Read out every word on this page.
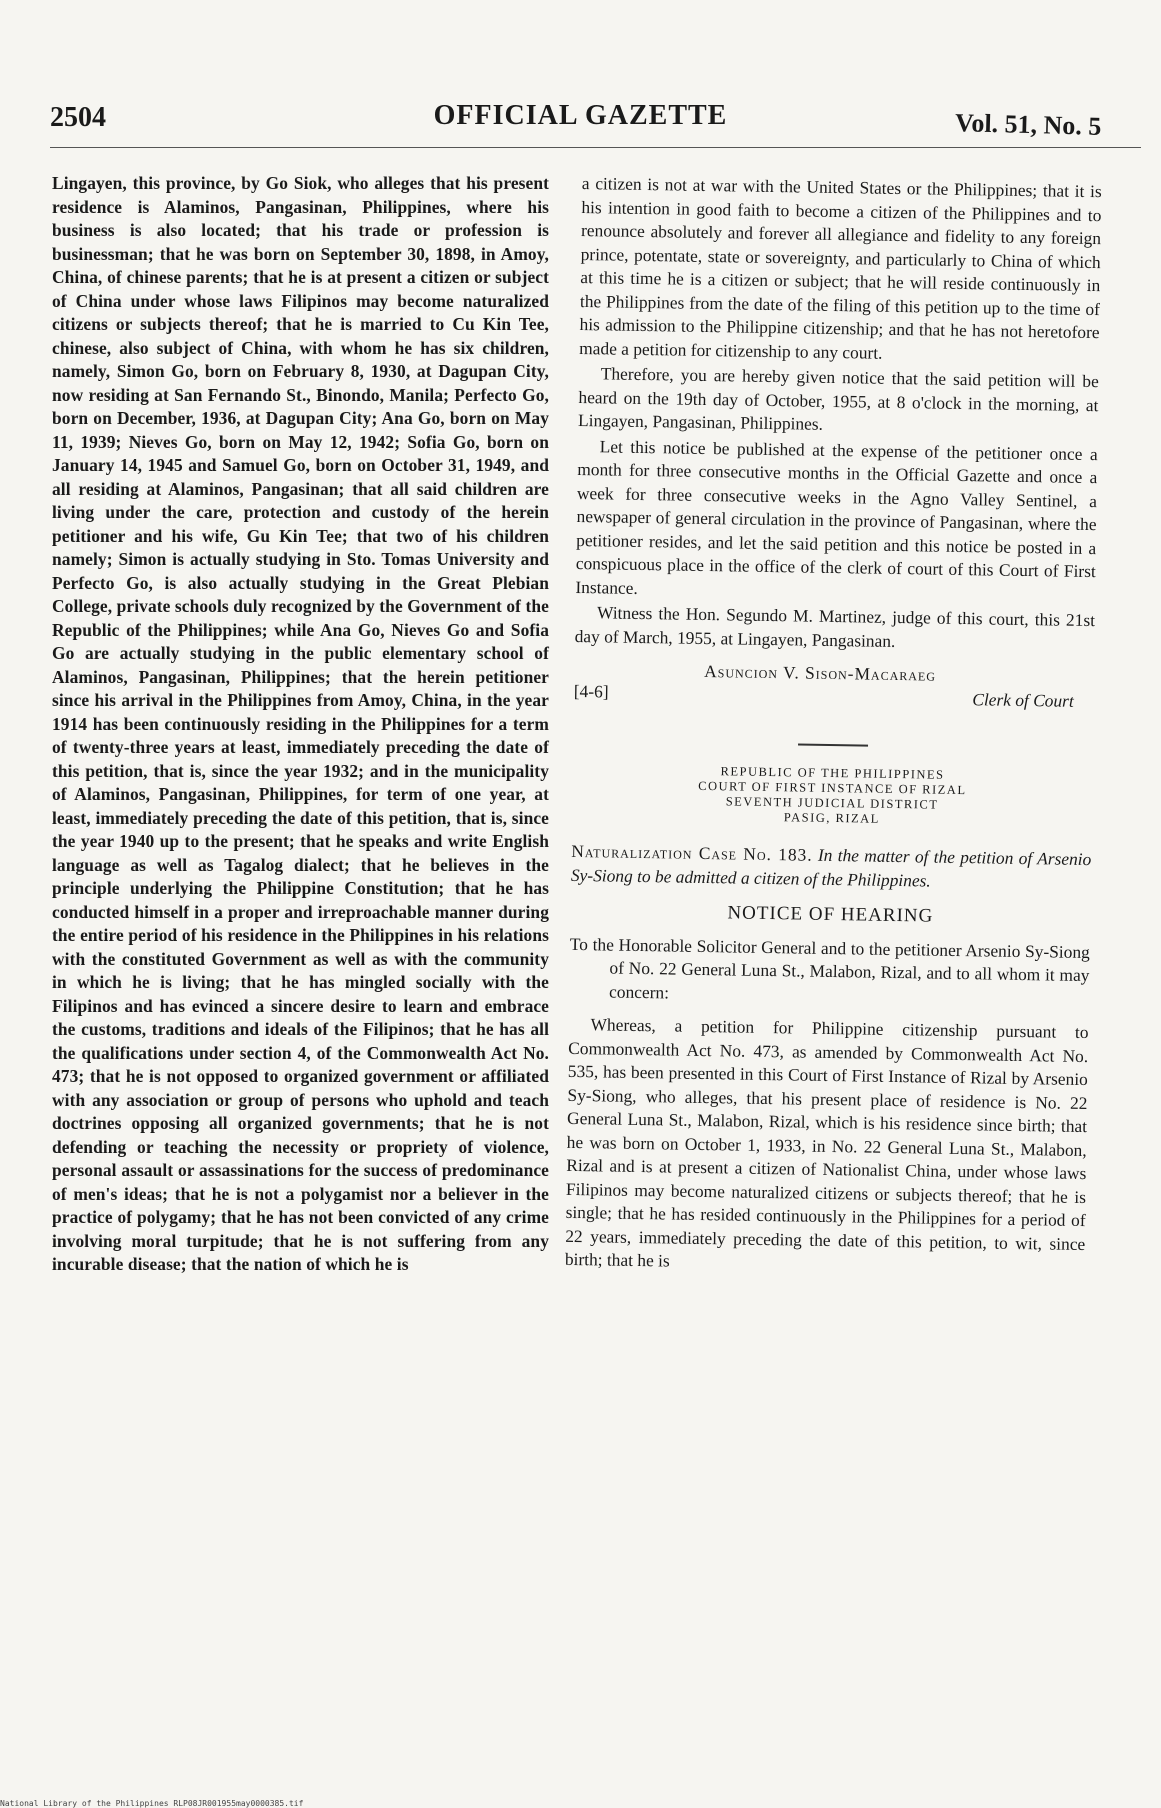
2504	OFFICIAL GAZETTE	Vol. 51, No. 5

Lingayen, this province, by Go Siok, who alleges that his present residence is Alaminos, Pangasinan, Philippines, where his business is also located; that his trade or profession is businessman; that he was born on September 30, 1898, in Amoy, China, of chinese parents; that he is at present a citizen or subject of China under whose laws Filipinos may become naturalized citizens or subjects thereof; that he is married to Cu Kin Tee, chinese, also subject of China, with whom he has six children, namely, Simon Go, born on February 8, 1930, at Dagupan City, now residing at San Fernando St., Binondo, Manila; Perfecto Go, born on December, 1936, at Dagupan City; Ana Go, born on May 11, 1939; Nieves Go, born on May 12, 1942; Sofia Go, born on January 14, 1945 and Samuel Go, born on October 31, 1949, and all residing at Alaminos, Pangasinan; that all said children are living under the care, protection and custody of the herein petitioner and his wife, Gu Kin Tee; that two of his children namely; Simon is actually studying in Sto. Tomas University and Perfecto Go, is also actually studying in the Great Plebian College, private schools duly recognized by the Government of the Republic of the Philippines; while Ana Go, Nieves Go and Sofia Go are actually studying in the public elementary school of Alaminos, Pangasinan, Philippines; that the herein petitioner since his arrival in the Philippines from Amoy, China, in the year 1914 has been continuously residing in the Philippines for a term of twenty-three years at least, immediately preceding the date of this petition, that is, since the year 1932; and in the municipality of Alaminos, Pangasinan, Philippines, for term of one year, at least, immediately preceding the date of this petition, that is, since the year 1940 up to the present; that he speaks and write English language as well as Tagalog dialect; that he believes in the principle underlying the Philippine Constitution; that he has conducted himself in a proper and irreproachable manner during the entire period of his residence in the Philippines in his relations with the constituted Government as well as with the community in which he is living; that he has mingled socially with the Filipinos and has evinced a sincere desire to learn and embrace the customs, traditions and ideals of the Filipinos; that he has all the qualifications under section 4, of the Commonwealth Act No. 473; that he is not opposed to organized government or affiliated with any association or group of persons who uphold and teach doctrines opposing all organized governments; that he is not defending or teaching the necessity or propriety of violence, personal assault or assassinations for the success of predominance of men's ideas; that he is not a polygamist nor a believer in the practice of polygamy; that he has not been convicted of any crime involving moral turpitude; that he is not suffering from any incurable disease; that the nation of which he is

a citizen is not at war with the United States or the Philippines; that it is his intention in good faith to become a citizen of the Philippines and to renounce absolutely and forever all allegiance and fidelity to any foreign prince, potentate, state or sovereignty, and particularly to China of which at this time he is a citizen or subject; that he will reside continuously in the Philippines from the date of the filing of this petition up to the time of his admission to the Philippine citizenship; and that he has not heretofore made a petition for citizenship to any court.

Therefore, you are hereby given notice that the said petition will be heard on the 19th day of October, 1955, at 8 o'clock in the morning, at Lingayen, Pangasinan, Philippines.

Let this notice be published at the expense of the petitioner once a month for three consecutive months in the Official Gazette and once a week for three consecutive weeks in the Agno Valley Sentinel, a newspaper of general circulation in the province of Pangasinan, where the petitioner resides, and let the said petition and this notice be posted in a conspicuous place in the office of the clerk of court of this Court of First Instance.

Witness the Hon. Segundo M. Martinez, judge of this court, this 21st day of March, 1955, at Lingayen, Pangasinan.

Asuncion V. Sison-Macaraeg
[4-6]	Clerk of Court
REPUBLIC OF THE PHILIPPINES
COURT OF FIRST INSTANCE OF RIZAL
SEVENTH JUDICIAL DISTRICT
PASIG, RIZAL

Naturalization Case No. 183. In the matter of the petition of Arsenio Sy-Siong to be admitted a citizen of the Philippines.

NOTICE OF HEARING

To the Honorable Solicitor General and to the petitioner Arsenio Sy-Siong of No. 22 General Luna St., Malabon, Rizal, and to all whom it may concern:

Whereas, a petition for Philippine citizenship pursuant to Commonwealth Act No. 473, as amended by Commonwealth Act No. 535, has been presented in this Court of First Instance of Rizal by Arsenio Sy-Siong, who alleges, that his present place of residence is No. 22 General Luna St., Malabon, Rizal, which is his residence since birth; that he was born on October 1, 1933, in No. 22 General Luna St., Malabon, Rizal and is at present a citizen of Nationalist China, under whose laws Filipinos may become naturalized citizens or subjects thereof; that he is single; that he has resided continuously in the Philippines for a period of 22 years, immediately preceding the date of this petition, to wit, since birth; that he is

National Library of the Philippines RLP08JR001955may0000385.tif
